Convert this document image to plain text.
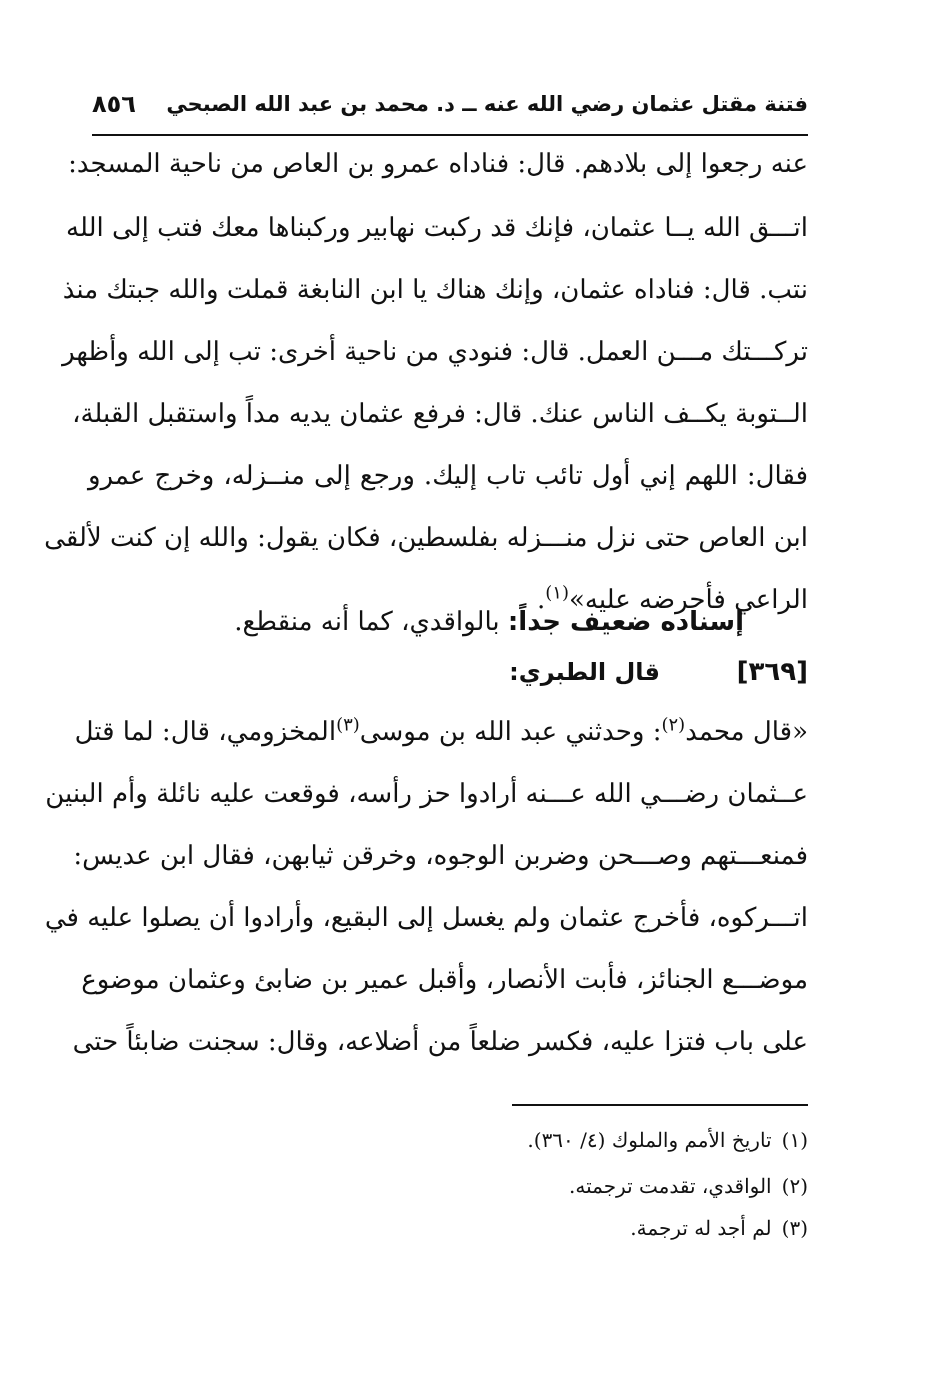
فتنة مقتل عثمان رضي الله عنه ــ د. محمد بن عبد الله الصبحي
٨٥٦
عنه رجعوا إلى بلادهم. قال: فناداه عمرو بن العاص من ناحية المسجد:
اتـــق الله يــا عثمان، فإنك قد ركبت نهابير وركبناها معك فتب إلى الله
نتب. قال: فناداه عثمان، وإنك هناك يا ابن النابغة قملت والله جبتك منذ
تركـــتك مـــن العمل. قال: فنودي من ناحية أخرى: تب إلى الله وأظهر
الــتوبة يكــف الناس عنك. قال: فرفع عثمان يديه مداً واستقبل القبلة،
فقال: اللهم إني أول تائب تاب إليك. ورجع إلى منــزله، وخرج عمرو
ابن العاص حتى نزل منـــزله بفلسطين، فكان يقول: والله إن كنت لألقى
الراعي فأحرضه عليه»$^{(١)}$.
إسناده ضعيف جداً: بالواقدي، كما أنه منقطع.
[٣٦٩]
قال الطبري:
«قال محمد$^{(٢)}$: وحدثني عبد الله بن موسى$^{(٣)}$المخزومي، قال: لما قتل
عــثمان رضـــي الله عـــنه أرادوا حز رأسه، فوقعت عليه نائلة وأم البنين
فمنعـــتهم وصـــحن وضربن الوجوه، وخرقن ثيابهن، فقال ابن عديس:
اتـــركوه، فأخرج عثمان ولم يغسل إلى البقيع، وأرادوا أن يصلوا عليه في
موضـــع الجنائز، فأبت الأنصار، وأقبل عمير بن ضابئ وعثمان موضوع
على باب فتزا عليه، فكسر ضلعاً من أضلاعه، وقال: سجنت ضابئاً حتى
(١)تاريخ الأمم والملوك (٤/ ٣٦٠).
(٢)الواقدي، تقدمت ترجمته.
(٣)لم أجد له ترجمة.
